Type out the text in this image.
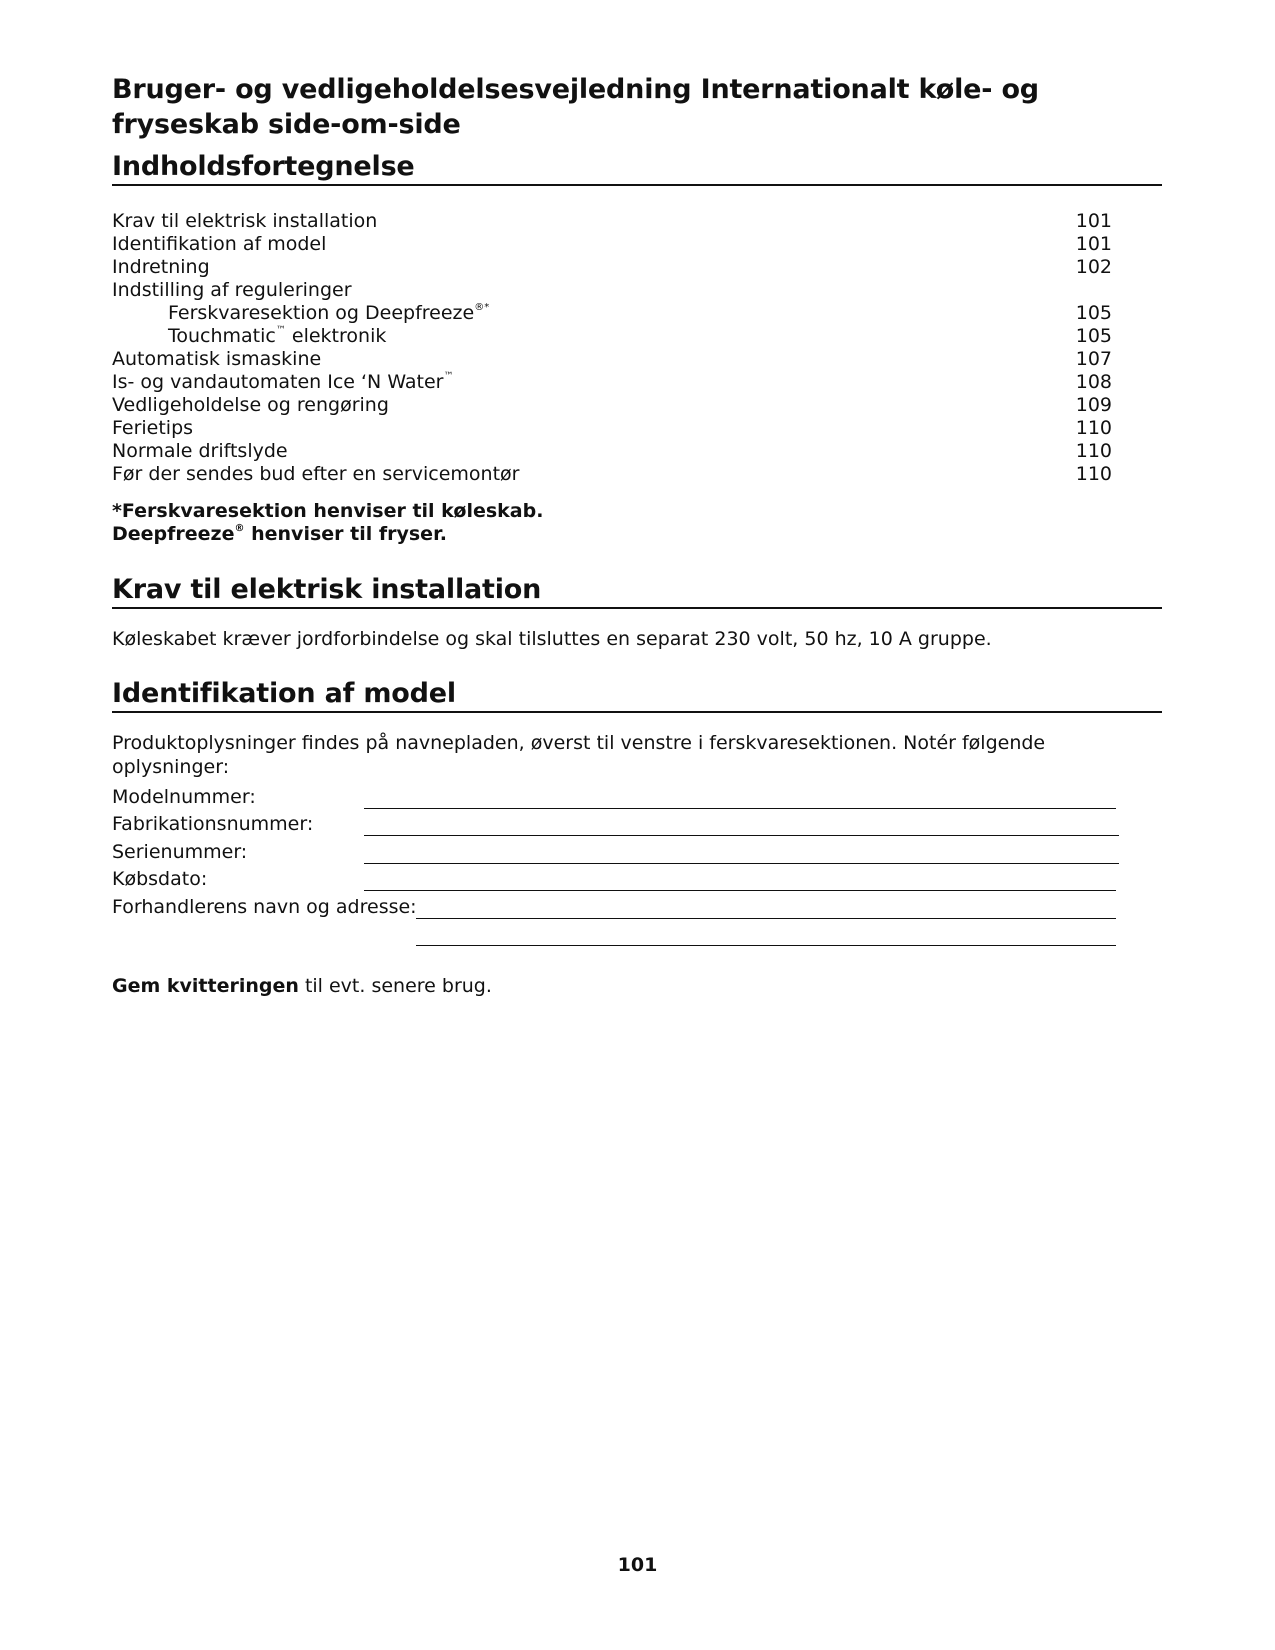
Bruger- og vedligeholdelsesvejledning Internationalt køle- og fryseskab side-om-side
Indholdsfortegnelse
Krav til elektrisk installation	101
Identifikation af model	101
Indretning	102
Indstilling af reguleringer
Ferskvaresektion og Deepfreeze®*	105
Touchmatic™ elektronik	105
Automatisk ismaskine	107
Is- og vandautomaten Ice ‘N Water™	108
Vedligeholdelse og rengøring	109
Ferietips	110
Normale driftslyde	110
Før der sendes bud efter en servicemontør	110
*Ferskvaresektion henviser til køleskab.
Deepfreeze® henviser til fryser.
Krav til elektrisk installation

Køleskabet kræver jordforbindelse og skal tilsluttes en separat 230 volt, 50 hz, 10 A gruppe.

Identifikation af model

Produktoplysninger findes på navnepladen, øverst til venstre i ferskvaresektionen. Notér følgende oplysninger:

Modelnummer:
Fabrikationsnummer:
Serienummer:
Købsdato:
Forhandlerens navn og adresse:

Gem kvitteringen til evt. senere brug.

101
